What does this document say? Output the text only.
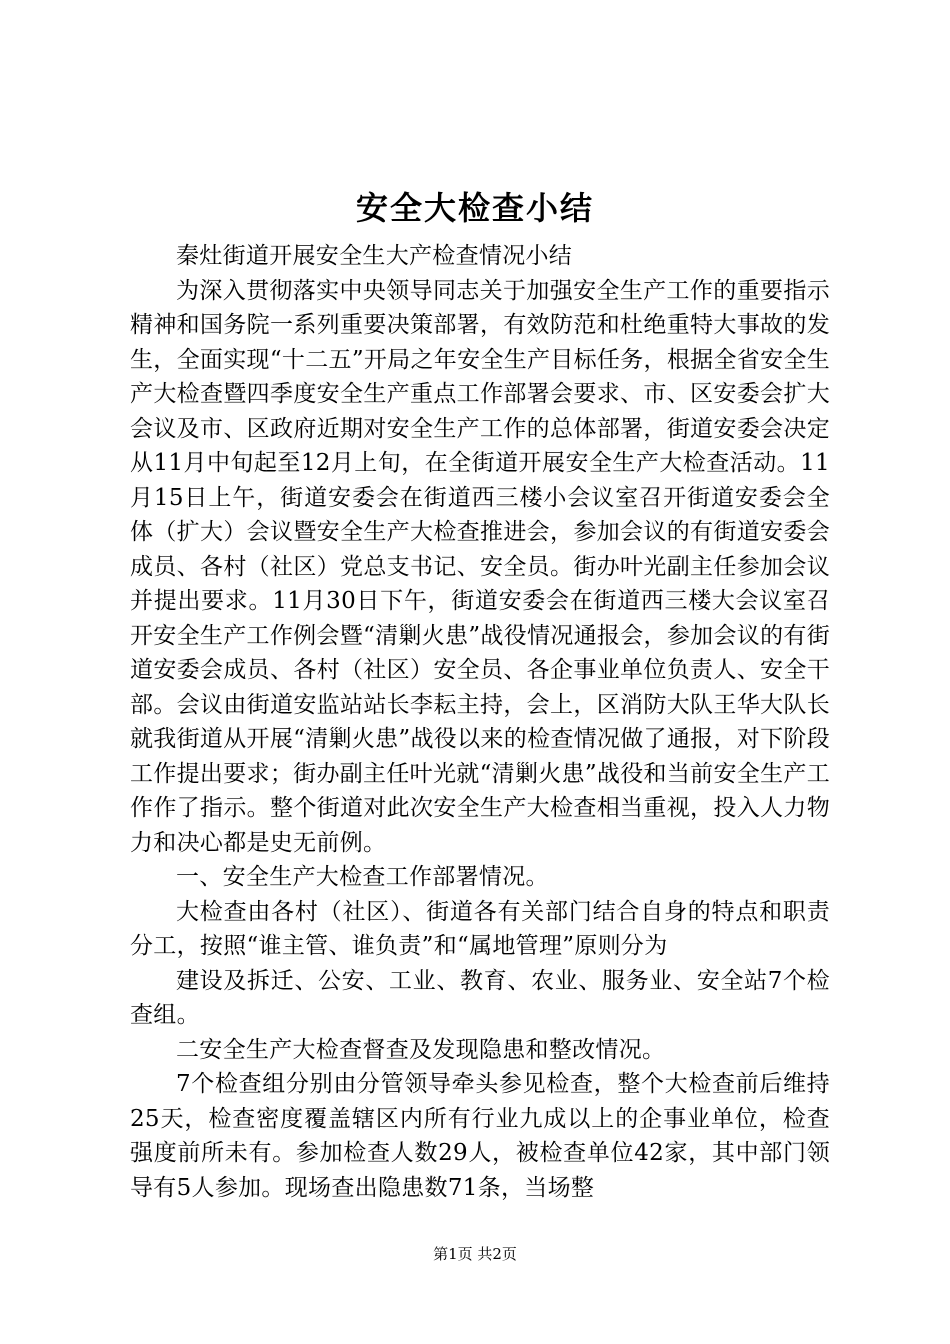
安全大检查小结

秦灶街道开展安全生大产检查情况小结

为深入贯彻落实中央领导同志关于加强安全生产工作的重要指示精神和国务院一系列重要决策部署，有效防范和杜绝重特大事故的发生，全面实现“十二五”开局之年安全生产目标任务，根据全省安全生产大检查暨四季度安全生产重点工作部署会要求、市、区安委会扩大会议及市、区政府近期对安全生产工作的总体部署，街道安委会决定从11月中旬起至12月上旬，在全街道开展安全生产大检查活动。11月15日上午，街道安委会在街道西三楼小会议室召开街道安委会全体（扩大）会议暨安全生产大检查推进会，参加会议的有街道安委会成员、各村（社区）党总支书记、安全员。街办叶光副主任参加会议并提出要求。11月30日下午，街道安委会在街道西三楼大会议室召开安全生产工作例会暨“清剿火患”战役情况通报会，参加会议的有街道安委会成员、各村（社区）安全员、各企事业单位负责人、安全干部。会议由街道安监站站长李耘主持，会上，区消防大队王华大队长就我街道从开展“清剿火患”战役以来的检查情况做了通报，对下阶段工作提出要求；街办副主任叶光就“清剿火患”战役和当前安全生产工作作了指示。整个街道对此次安全生产大检查相当重视，投入人力物力和决心都是史无前例。

一、安全生产大检查工作部署情况。

大检查由各村（社区）、街道各有关部门结合自身的特点和职责分工，按照“谁主管、谁负责”和“属地管理”原则分为

建设及拆迁、公安、工业、教育、农业、服务业、安全站7个检查组。

二安全生产大检查督查及发现隐患和整改情况。

7个检查组分别由分管领导牵头参见检查，整个大检查前后维持25天，检查密度覆盖辖区内所有行业九成以上的企事业单位，检查强度前所未有。参加检查人数29人，被检查单位42家，其中部门领导有5人参加。现场查出隐患数71条，当场整

第1页 共2页
